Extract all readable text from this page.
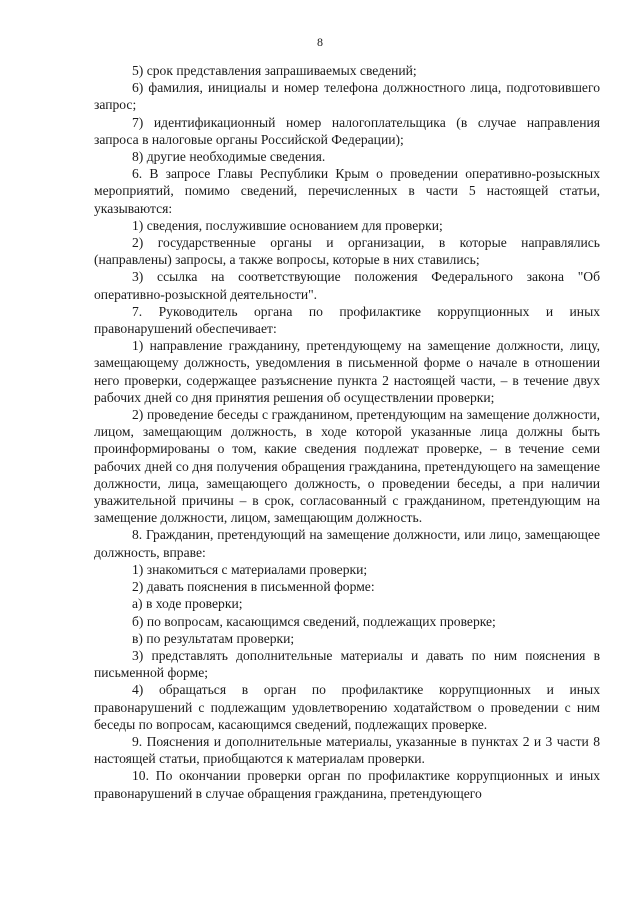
8

5) срок представления запрашиваемых сведений;

6) фамилия, инициалы и номер телефона должностного лица, подготовившего запрос;

7) идентификационный номер налогоплательщика (в случае направления запроса в налоговые органы Российской Федерации);

8) другие необходимые сведения.

6. В запросе Главы Республики Крым о проведении оперативно-розыскных мероприятий, помимо сведений, перечисленных в части 5 настоящей статьи, указываются:

1) сведения, послужившие основанием для проверки;

2) государственные органы и организации, в которые направлялись (направлены) запросы, а также вопросы, которые в них ставились;

3) ссылка на соответствующие положения Федерального закона "Об оперативно-розыскной деятельности".

7. Руководитель органа по профилактике коррупционных и иных правонарушений обеспечивает:

1) направление гражданину, претендующему на замещение должности, лицу, замещающему должность, уведомления в письменной форме о начале в отношении него проверки, содержащее разъяснение пункта 2 настоящей части, – в течение двух рабочих дней со дня принятия решения об осуществлении проверки;

2) проведение беседы с гражданином, претендующим на замещение должности, лицом, замещающим должность, в ходе которой указанные лица должны быть проинформированы о том, какие сведения подлежат проверке, – в течение семи рабочих дней со дня получения обращения гражданина, претендующего на замещение должности, лица, замещающего должность, о проведении беседы, а при наличии уважительной причины – в срок, согласованный с гражданином, претендующим на замещение должности, лицом, замещающим должность.

8. Гражданин, претендующий на замещение должности, или лицо, замещающее должность, вправе:

1) знакомиться с материалами проверки;

2) давать пояснения в письменной форме:

а) в ходе проверки;

б) по вопросам, касающимся сведений, подлежащих проверке;

в) по результатам проверки;

3) представлять дополнительные материалы и давать по ним пояснения в письменной форме;

4) обращаться в орган по профилактике коррупционных и иных правонарушений с подлежащим удовлетворению ходатайством о проведении с ним беседы по вопросам, касающимся сведений, подлежащих проверке.

9. Пояснения и дополнительные материалы, указанные в пунктах 2 и 3 части 8 настоящей статьи, приобщаются к материалам проверки.

10. По окончании проверки орган по профилактике коррупционных и иных правонарушений в случае обращения гражданина, претендующего
